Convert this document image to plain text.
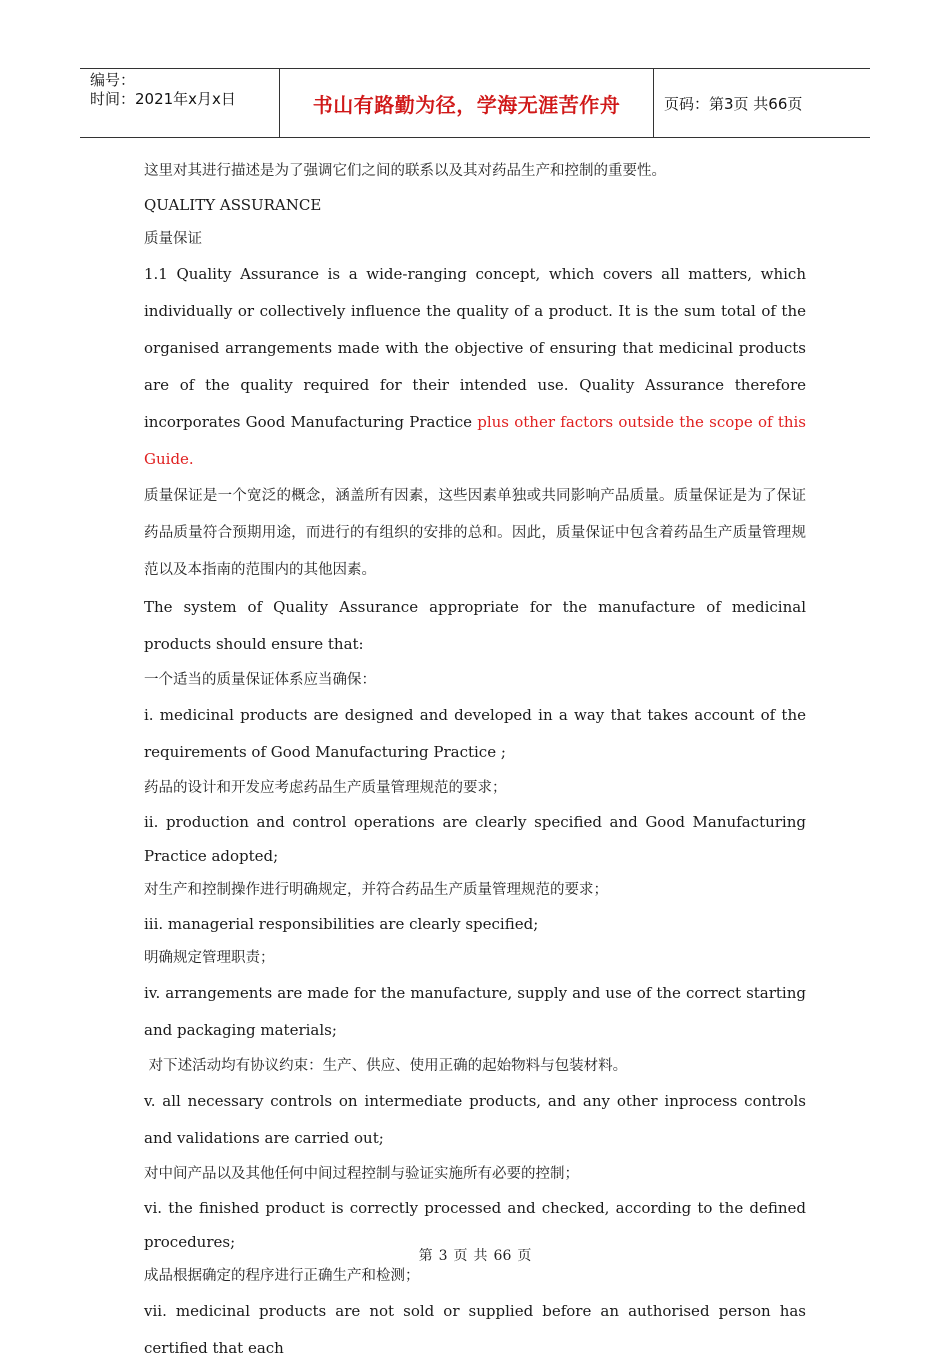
编号：
时间：2021年x月x日	书山有路勤为径，学海无涯苦作舟	页码：第3页 共66页

这里对其进行描述是为了强调它们之间的联系以及其对药品生产和控制的重要性。

QUALITY ASSURANCE

质量保证

1.1 Quality Assurance is a wide-ranging concept, which covers all matters, which individually or collectively influence the quality of a product. It is the sum total of the organised arrangements made with the objective of ensuring that medicinal products are of the quality required for their intended use. Quality Assurance therefore incorporates Good Manufacturing Practice plus other factors outside the scope of this Guide.

质量保证是一个宽泛的概念，涵盖所有因素，这些因素单独或共同影响产品质量。质量保证是为了保证药品质量符合预期用途，而进行的有组织的安排的总和。因此，质量保证中包含着药品生产质量管理规范以及本指南的范围内的其他因素。

The system of Quality Assurance appropriate for the manufacture of medicinal products should ensure that:

一个适当的质量保证体系应当确保：

i. medicinal products are designed and developed in a way that takes account of the requirements of Good Manufacturing Practice ;

药品的设计和开发应考虑药品生产质量管理规范的要求；

ii. production and control operations are clearly specified and Good Manufacturing Practice adopted;

对生产和控制操作进行明确规定，并符合药品生产质量管理规范的要求；

iii. managerial responsibilities are clearly specified;

明确规定管理职责；

iv. arrangements are made for the manufacture, supply and use of the correct starting and packaging materials;

对下述活动均有协议约束：生产、供应、使用正确的起始物料与包装材料。

v. all necessary controls on intermediate products, and any other inprocess controls and validations are carried out;

对中间产品以及其他任何中间过程控制与验证实施所有必要的控制；

vi. the finished product is correctly processed and checked, according to the defined procedures;

成品根据确定的程序进行正确生产和检测；

vii. medicinal products are not sold or supplied before an authorised person has certified that each

第 3 页 共 66 页
